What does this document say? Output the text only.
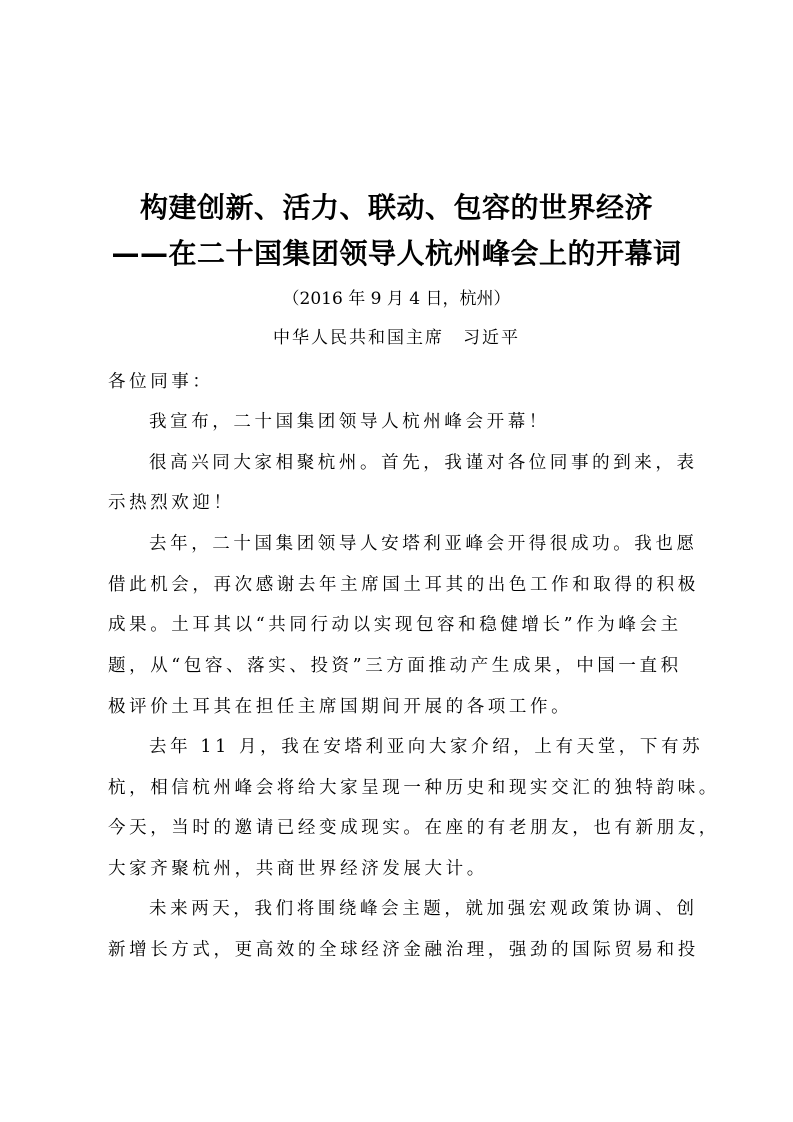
构建创新、活力、联动、包容的世界经济
——在二十国集团领导人杭州峰会上的开幕词
（2016 年 9 月 4 日，杭州）
中华人民共和国主席　习近平
各位同事：
我宣布，二十国集团领导人杭州峰会开幕！
很高兴同大家相聚杭州。首先，我谨对各位同事的到来，表
示热烈欢迎！
去年，二十国集团领导人安塔利亚峰会开得很成功。我也愿
借此机会，再次感谢去年主席国土耳其的出色工作和取得的积极
成果。土耳其以“共同行动以实现包容和稳健增长”作为峰会主
题，从“包容、落实、投资”三方面推动产生成果，中国一直积
极评价土耳其在担任主席国期间开展的各项工作。
去年 11 月，我在安塔利亚向大家介绍，上有天堂，下有苏
杭，相信杭州峰会将给大家呈现一种历史和现实交汇的独特韵味。
今天，当时的邀请已经变成现实。在座的有老朋友，也有新朋友，
大家齐聚杭州，共商世界经济发展大计。
未来两天，我们将围绕峰会主题，就加强宏观政策协调、创
新增长方式，更高效的全球经济金融治理，强劲的国际贸易和投
